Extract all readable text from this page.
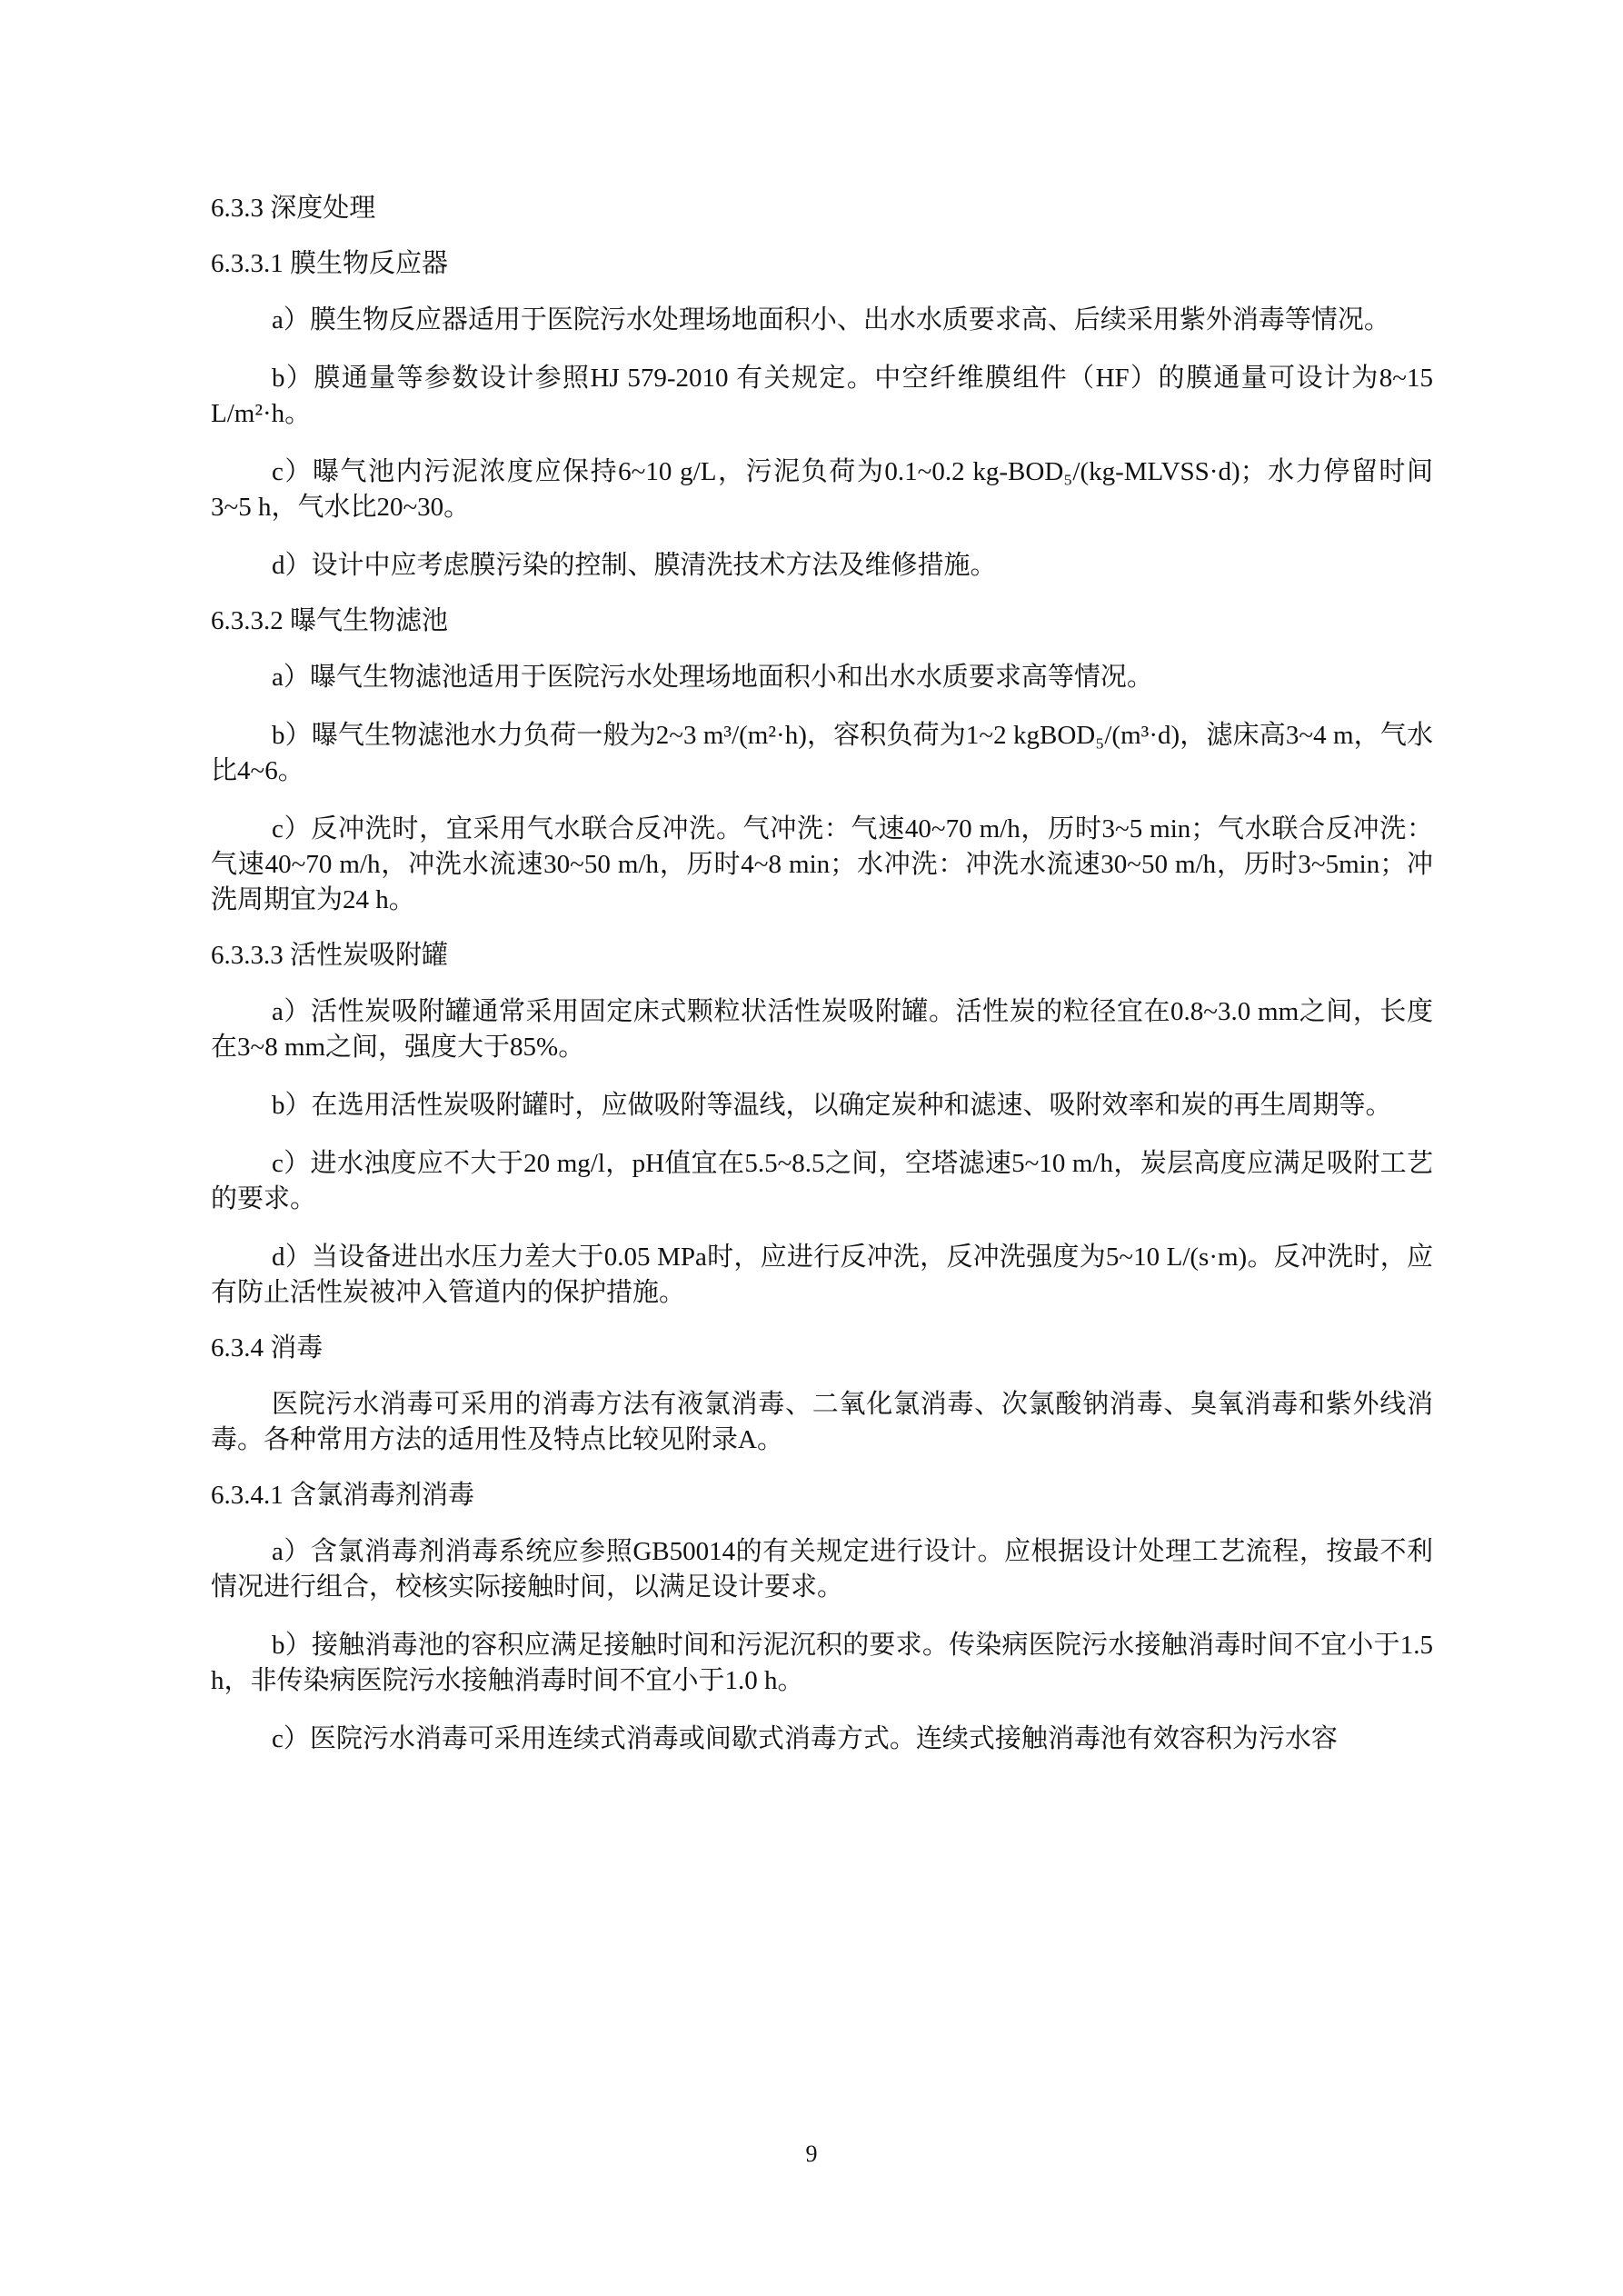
6.3.3 深度处理
6.3.3.1 膜生物反应器
a）膜生物反应器适用于医院污水处理场地面积小、出水水质要求高、后续采用紫外消毒等情况。
b）膜通量等参数设计参照HJ 579-2010 有关规定。中空纤维膜组件（HF）的膜通量可设计为8~15 L/m²·h。
c）曝气池内污泥浓度应保持6~10 g/L，污泥负荷为0.1~0.2 kg-BOD₅/(kg-MLVSS·d)；水力停留时间3~5 h，气水比20~30。
d）设计中应考虑膜污染的控制、膜清洗技术方法及维修措施。
6.3.3.2 曝气生物滤池
a）曝气生物滤池适用于医院污水处理场地面积小和出水水质要求高等情况。
b）曝气生物滤池水力负荷一般为2~3 m³/(m²·h)，容积负荷为1~2 kgBOD₅/(m³·d)，滤床高3~4 m，气水比4~6。
c）反冲洗时，宜采用气水联合反冲洗。气冲洗：气速40~70 m/h，历时3~5 min；气水联合反冲洗：气速40~70 m/h，冲洗水流速30~50 m/h，历时4~8 min；水冲洗：冲洗水流速30~50 m/h，历时3~5min；冲洗周期宜为24 h。
6.3.3.3 活性炭吸附罐
a）活性炭吸附罐通常采用固定床式颗粒状活性炭吸附罐。活性炭的粒径宜在0.8~3.0 mm之间，长度在3~8 mm之间，强度大于85%。
b）在选用活性炭吸附罐时，应做吸附等温线，以确定炭种和滤速、吸附效率和炭的再生周期等。
c）进水浊度应不大于20 mg/l，pH值宜在5.5~8.5之间，空塔滤速5~10 m/h，炭层高度应满足吸附工艺的要求。
d）当设备进出水压力差大于0.05 MPa时，应进行反冲洗，反冲洗强度为5~10 L/(s·m)。反冲洗时，应有防止活性炭被冲入管道内的保护措施。
6.3.4 消毒
医院污水消毒可采用的消毒方法有液氯消毒、二氧化氯消毒、次氯酸钠消毒、臭氧消毒和紫外线消毒。各种常用方法的适用性及特点比较见附录A。
6.3.4.1 含氯消毒剂消毒
a）含氯消毒剂消毒系统应参照GB50014的有关规定进行设计。应根据设计处理工艺流程，按最不利情况进行组合，校核实际接触时间，以满足设计要求。
b）接触消毒池的容积应满足接触时间和污泥沉积的要求。传染病医院污水接触消毒时间不宜小于1.5 h，非传染病医院污水接触消毒时间不宜小于1.0 h。
c）医院污水消毒可采用连续式消毒或间歇式消毒方式。连续式接触消毒池有效容积为污水容
9
